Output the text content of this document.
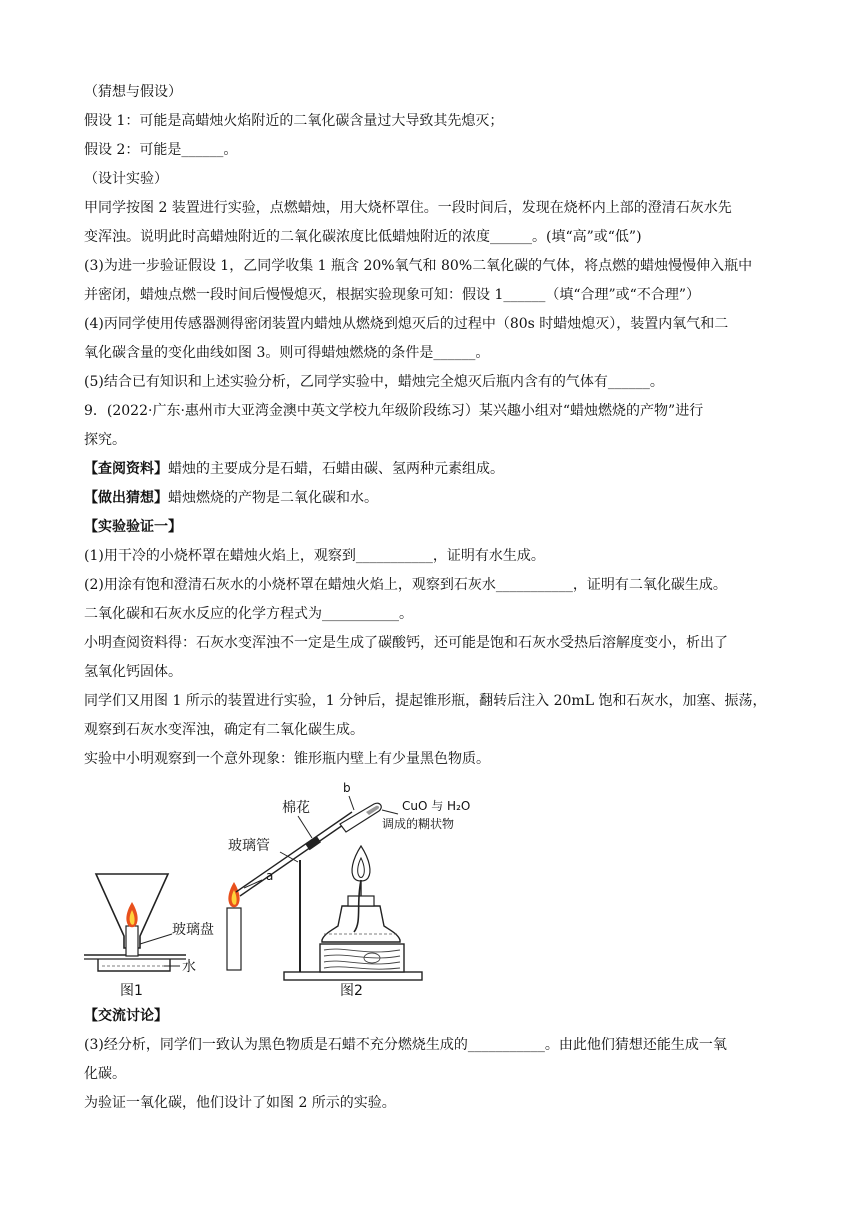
（猜想与假设）
假设 1：可能是高蜡烛火焰附近的二氧化碳含量过大导致其先熄灭；
假设 2：可能是______。
（设计实验）
甲同学按图 2 装置进行实验，点燃蜡烛，用大烧杯罩住。一段时间后，发现在烧杯内上部的澄清石灰水先
变浑浊。说明此时高蜡烛附近的二氧化碳浓度比低蜡烛附近的浓度______。(填“高”或“低”)
(3)为进一步验证假设 1，乙同学收集 1 瓶含 20%氧气和 80%二氧化碳的气体，将点燃的蜡烛慢慢伸入瓶中
并密闭，蜡烛点燃一段时间后慢慢熄灭，根据实验现象可知：假设 1______（填“合理”或“不合理”）
(4)丙同学使用传感器测得密闭装置内蜡烛从燃烧到熄灭后的过程中（80s 时蜡烛熄灭），装置内氧气和二
氧化碳含量的变化曲线如图 3。则可得蜡烛燃烧的条件是______。
(5)结合已有知识和上述实验分析，乙同学实验中，蜡烛完全熄灭后瓶内含有的气体有______。
9．(2022·广东·惠州市大亚湾金澳中英文学校九年级阶段练习）某兴趣小组对“蜡烛燃烧的产物”进行
探究。
【查阅资料】蜡烛的主要成分是石蜡，石蜡由碳、氢两种元素组成。
【做出猜想】蜡烛燃烧的产物是二氧化碳和水。
【实验验证一】
(1)用干冷的小烧杯罩在蜡烛火焰上，观察到___________，证明有水生成。
(2)用涂有饱和澄清石灰水的小烧杯罩在蜡烛火焰上，观察到石灰水___________，证明有二氧化碳生成。
二氧化碳和石灰水反应的化学方程式为___________。
小明查阅资料得：石灰水变浑浊不一定是生成了碳酸钙，还可能是饱和石灰水受热后溶解度变小，析出了
氢氧化钙固体。
同学们又用图 1 所示的装置进行实验，1 分钟后，提起锥形瓶，翻转后注入 20mL 饱和石灰水，加塞、振荡，
观察到石灰水变浑浊，确定有二氧化碳生成。
实验中小明观察到一个意外现象：锥形瓶内壁上有少量黑色物质。
玻璃盘
水
图1
棉花
玻璃管
a
b
CuO 与 H₂O
调成的糊状物
图2
【交流讨论】
(3)经分析，同学们一致认为黑色物质是石蜡不充分燃烧生成的___________。由此他们猜想还能生成一氧
化碳。
为验证一氧化碳，他们设计了如图 2 所示的实验。
